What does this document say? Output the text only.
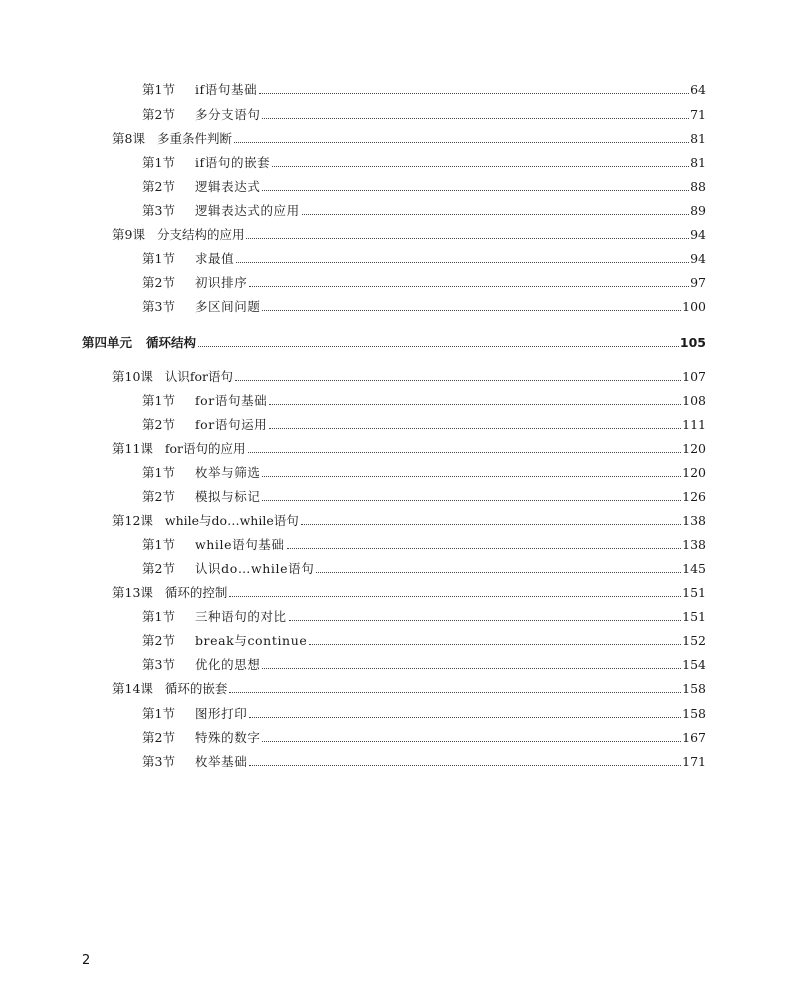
第1节 if语句基础	64
第2节 多分支语句	71
第8课 多重条件判断	81
第1节 if语句的嵌套	81
第2节 逻辑表达式	88
第3节 逻辑表达式的应用	89
第9课 分支结构的应用	94
第1节 求最值	94
第2节 初识排序	97
第3节 多区间问题	100
第四单元 循环结构	105
第10课 认识for语句	107
第1节 for语句基础	108
第2节 for语句运用	111
第11课 for语句的应用	120
第1节 枚举与筛选	120
第2节 模拟与标记	126
第12课 while与do…while语句	138
第1节 while语句基础	138
第2节 认识do…while语句	145
第13课 循环的控制	151
第1节 三种语句的对比	151
第2节 break与continue	152
第3节 优化的思想	154
第14课 循环的嵌套	158
第1节 图形打印	158
第2节 特殊的数字	167
第3节 枚举基础	171
2
